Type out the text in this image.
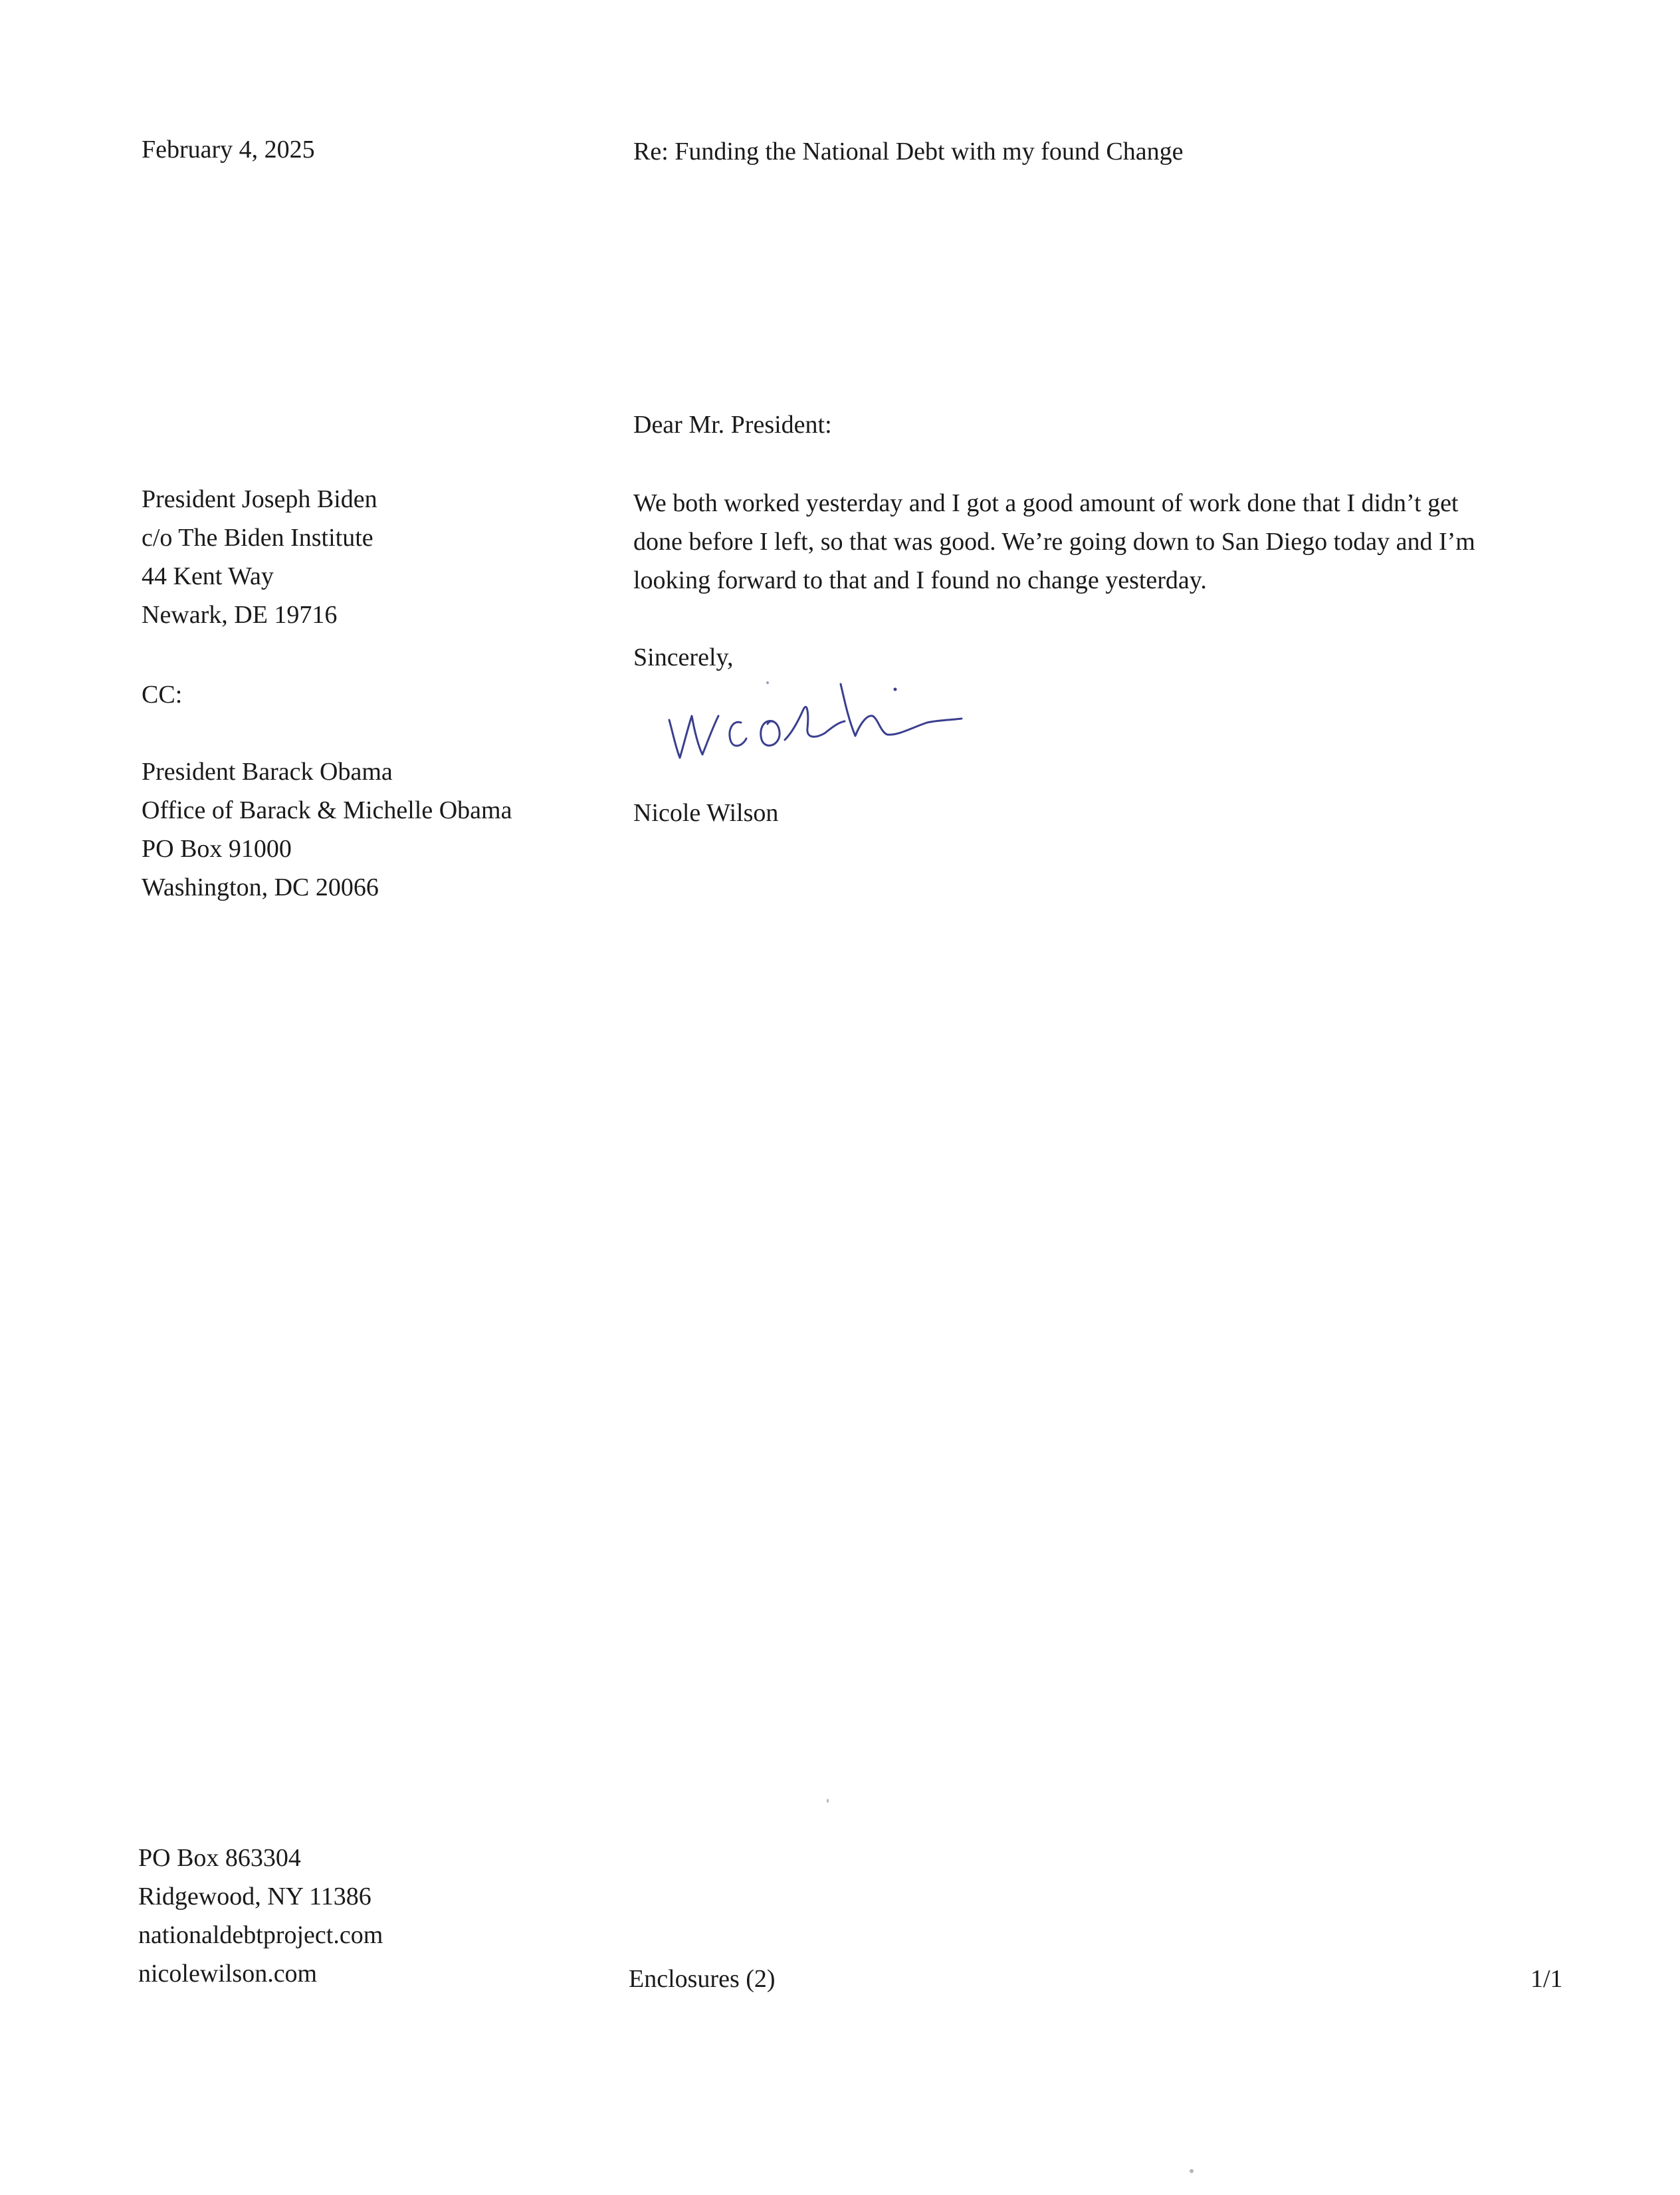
February 4, 2025	Re: Funding the National Debt with my found Change
Dear Mr. President:
President Joseph Biden
c/o The Biden Institute
44 Kent Way
Newark, DE 19716
We both worked yesterday and I got a good amount of work done that I didn’t get
done before I left, so that was good. We’re going down to San Diego today and I’m
looking forward to that and I found no change yesterday.
Sincerely,
Nicole Wilson
CC:
President Barack Obama
Office of Barack & Michelle Obama
PO Box 91000
Washington, DC 20066
PO Box 863304
Ridgewood, NY 11386
nationaldebtproject.com
nicolewilson.com	Enclosures (2)	1/1
